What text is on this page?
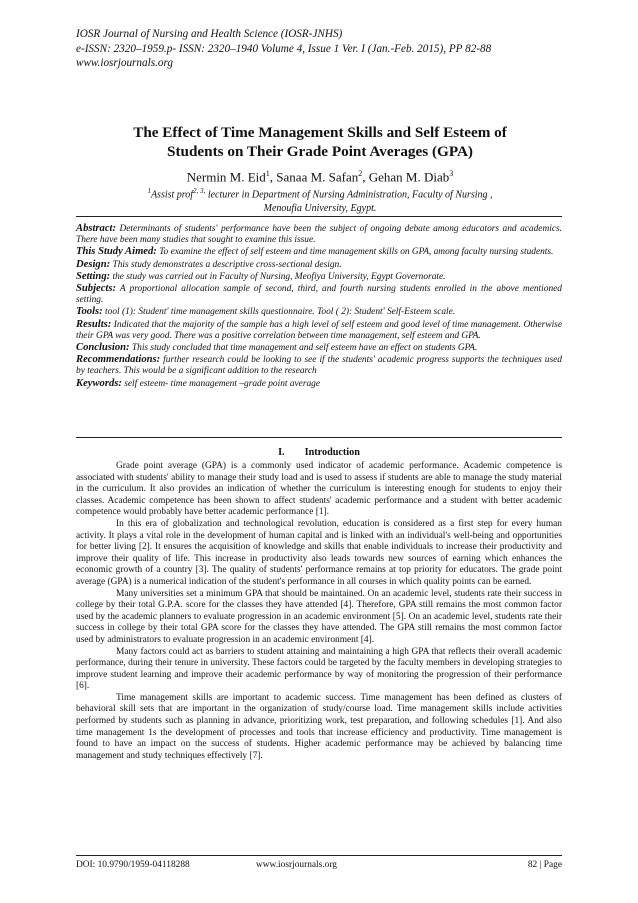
IOSR Journal of Nursing and Health Science (IOSR-JNHS)
e-ISSN: 2320–1959.p- ISSN: 2320–1940 Volume 4, Issue 1 Ver. I (Jan.-Feb. 2015), PP 82-88
www.iosrjournals.org
The Effect of Time Management Skills and Self Esteem of
Students on Their Grade Point Averages (GPA)
Nermin M. Eid$^1$, Sanaa M. Safan$^2$, Gehan M. Diab$^3$
$^1$Assist prof$^{2, 3,}$ lecturer in Department of Nursing Administration, Faculty of Nursing ,
Menoufia University, Egypt.

Abstract: Determinants of students' performance have been the subject of ongoing debate among educators and academics. There have been many studies that sought to examine this issue.

This Study Aimed: To examine the effect of self esteem and time management skills on GPA, among faculty nursing students.

Design: This study demonstrates a descriptive cross-sectional design.

Setting: the study was carried out in Faculty of Nursing, Meofiya University, Egypt Governorate.

Subjects: A proportional allocation sample of second, third, and fourth nursing students enrolled in the above mentioned setting.

Tools: tool (1): Student' time management skills questionnaire. Tool ( 2): Student' Self-Esteem scale.

Results: Indicated that the majority of the sample has a high level of self esteem and good level of time management. Otherwise their GPA was very good. There was a positive correlation between time management, self esteem and GPA.

Conclusion: This study concluded that time management and self esteem have an effect on students GPA.

Recommendations: further research could be looking to see if the students' academic progress supports the techniques used by teachers. This would be a significant addition to the research

Keywords: self esteem- time management –grade point average

I. Introduction

Grade point average (GPA) is a commonly used indicator of academic performance. Academic competence is associated with students' ability to manage their study load and is used to assess if students are able to manage the study material in the curriculum. It also provides an indication of whether the curriculum is interesting enough for students to enjoy their classes. Academic competence has been shown to affect students' academic performance and a student with better academic competence would probably have better academic performance [1].

In this era of globalization and technological revolution, education is considered as a first step for every human activity. It plays a vital role in the development of human capital and is linked with an individual's well-being and opportunities for better living [2]. It ensures the acquisition of knowledge and skills that enable individuals to increase their productivity and improve their quality of life. This increase in productivity also leads towards new sources of earning which enhances the economic growth of a country [3]. The quality of students' performance remains at top priority for educators. The grade point average (GPA) is a numerical indication of the student's performance in all courses in which quality points can be earned.

Many universities set a minimum GPA that should be maintained. On an academic level, students rate their success in college by their total G.P.A. score for the classes they have attended [4]. Therefore, GPA still remains the most common factor used by the academic planners to evaluate progression in an academic environment [5]. On an academic level, students rate their success in college by their total GPA score for the classes they have attended. The GPA still remains the most common factor used by administrators to evaluate progression in an academic environment [4].

Many factors could act as barriers to student attaining and maintaining a high GPA that reflects their overall academic performance, during their tenure in university. These factors could be targeted by the faculty members in developing strategies to improve student learning and improve their academic performance by way of monitoring the progression of their performance [6].

Time management skills are important to academic success. Time management has been defined as clusters of behavioral skill sets that are important in the organization of study/course load. Time management skills include activities performed by students such as planning in advance, prioritizing work, test preparation, and following schedules [1]. And also time management 1s the development of processes and tools that increase efficiency and productivity. Time management is found to have an impact on the success of students. Higher academic performance may be achieved by balancing time management and study techniques effectively [7].

DOI: 10.9790/1959-04118288	www.iosrjournals.org	82 | Page
